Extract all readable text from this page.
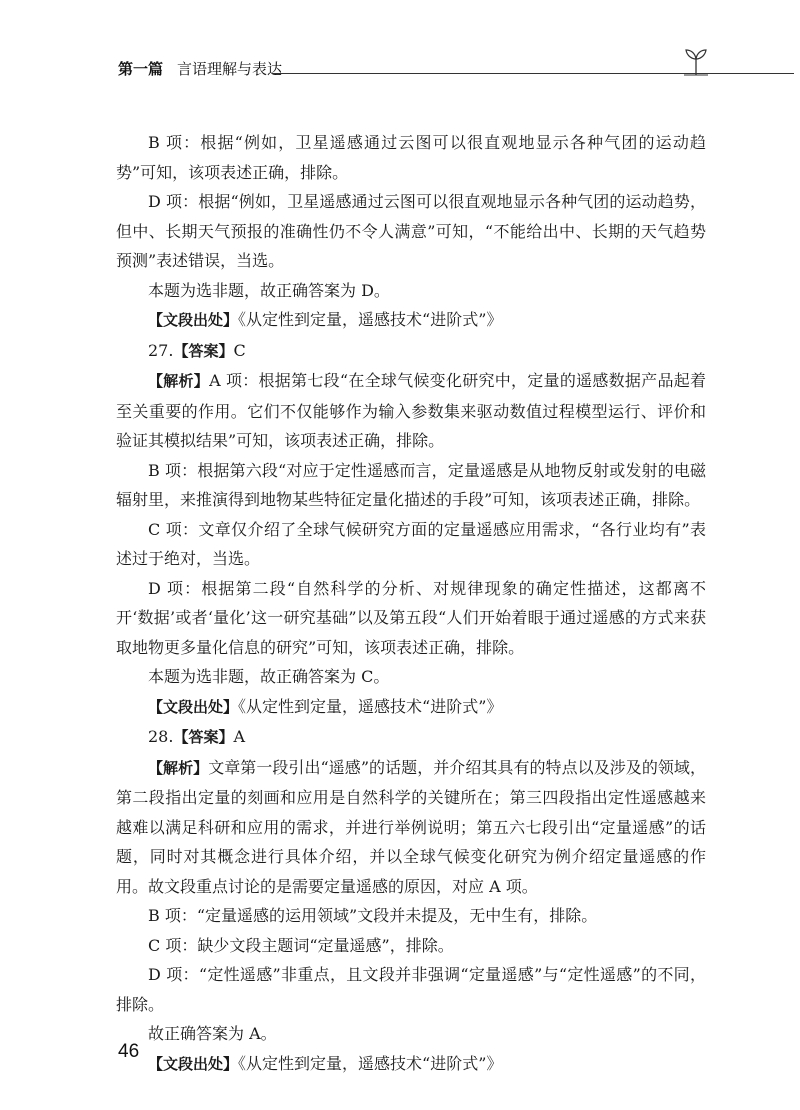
第一篇 言语理解与表达

B 项：根据“例如，卫星遥感通过云图可以很直观地显示各种气团的运动趋势”可知，该项表述正确，排除。

D 项：根据“例如，卫星遥感通过云图可以很直观地显示各种气团的运动趋势，但中、长期天气预报的准确性仍不令人满意”可知，“不能给出中、长期的天气趋势预测”表述错误，当选。

本题为选非题，故正确答案为 D。

【文段出处】《从定性到定量，遥感技术“进阶式”》

27.【答案】C

【解析】A 项：根据第七段“在全球气候变化研究中，定量的遥感数据产品起着至关重要的作用。它们不仅能够作为输入参数集来驱动数值过程模型运行、评价和验证其模拟结果”可知，该项表述正确，排除。

B 项：根据第六段“对应于定性遥感而言，定量遥感是从地物反射或发射的电磁辐射里，来推演得到地物某些特征定量化描述的手段”可知，该项表述正确，排除。

C 项：文章仅介绍了全球气候研究方面的定量遥感应用需求，“各行业均有”表述过于绝对，当选。

D 项：根据第二段“自然科学的分析、对规律现象的确定性描述，这都离不开‘数据’或者‘量化’这一研究基础”以及第五段“人们开始着眼于通过遥感的方式来获取地物更多量化信息的研究”可知，该项表述正确，排除。

本题为选非题，故正确答案为 C。

【文段出处】《从定性到定量，遥感技术“进阶式”》

28.【答案】A

【解析】文章第一段引出“遥感”的话题，并介绍其具有的特点以及涉及的领域，第二段指出定量的刻画和应用是自然科学的关键所在；第三四段指出定性遥感越来越难以满足科研和应用的需求，并进行举例说明；第五六七段引出“定量遥感”的话题，同时对其概念进行具体介绍，并以全球气候变化研究为例介绍定量遥感的作用。故文段重点讨论的是需要定量遥感的原因，对应 A 项。

B 项：“定量遥感的运用领域”文段并未提及，无中生有，排除。

C 项：缺少文段主题词“定量遥感”，排除。

D 项：“定性遥感”非重点，且文段并非强调“定量遥感”与“定性遥感”的不同，排除。

故正确答案为 A。

【文段出处】《从定性到定量，遥感技术“进阶式”》

46
